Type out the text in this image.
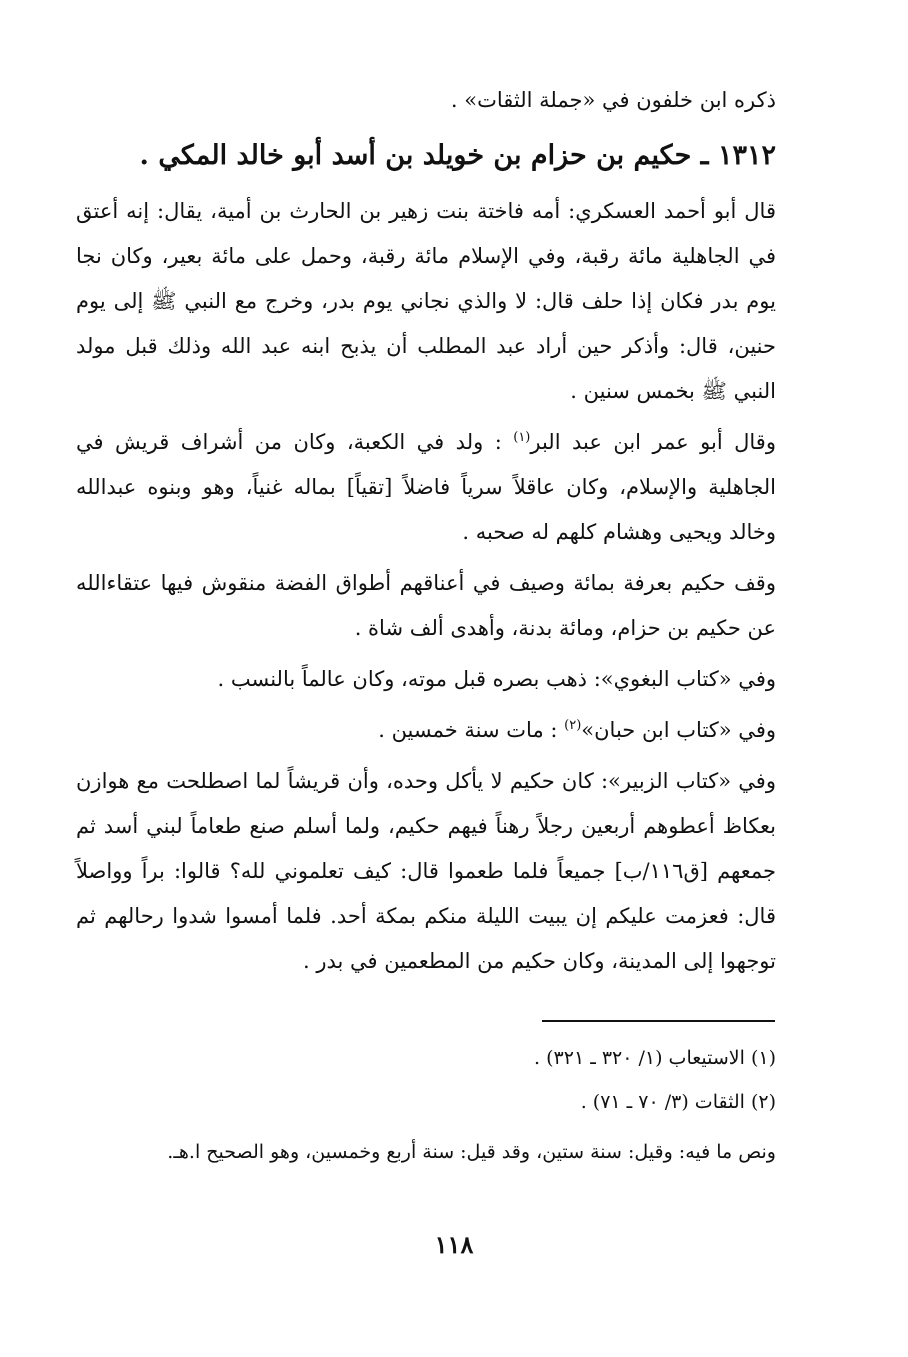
ذكره ابن خلفون في «جملة الثقات» .

١٣١٢ ـ حكيم بن حزام بن خويلد بن أسد أبو خالد المكي .

قال أبو أحمد العسكري: أمه فاختة بنت زهير بن الحارث بن أمية، يقال: إنه أعتق في الجاهلية مائة رقبة، وفي الإسلام مائة رقبة، وحمل على مائة بعير، وكان نجا يوم بدر فكان إذا حلف قال: لا والذي نجاني يوم بدر، وخرج مع النبي ﷺ إلى يوم حنين، قال: وأذكر حين أراد عبد المطلب أن يذبح ابنه عبد الله وذلك قبل مولد النبي ﷺ بخمس سنين .

وقال أبو عمر ابن عبد البر$^{(١)}$ : ولد في الكعبة، وكان من أشراف قريش في الجاهلية والإسلام، وكان عاقلاً سرياً فاضلاً [تقياً] بماله غنياً، وهو وبنوه عبدالله وخالد ويحيى وهشام كلهم له صحبه .

وقف حكيم بعرفة بمائة وصيف في أعناقهم أطواق الفضة منقوش فيها عتقاءالله عن حكيم بن حزام، ومائة بدنة، وأهدى ألف شاة .

وفي «كتاب البغوي»: ذهب بصره قبل موته، وكان عالماً بالنسب .

وفي «كتاب ابن حبان»$^{(٢)}$ : مات سنة خمسين .

وفي «كتاب الزبير»: كان حكيم لا يأكل وحده، وأن قريشاً لما اصطلحت مع هوازن بعكاظ أعطوهم أربعين رجلاً رهناً فيهم حكيم، ولما أسلم صنع طعاماً لبني أسد ثم جمعهم [ق١١٦/ب] جميعاً فلما طعموا قال: كيف تعلموني لله؟ قالوا: براً وواصلاً قال: فعزمت عليكم إن يبيت الليلة منكم بمكة أحد. فلما أمسوا شدوا رحالهم ثم توجهوا إلى المدينة، وكان حكيم من المطعمين في بدر .

(١) الاستيعاب (١/ ٣٢٠ ـ ٣٢١) .

(٢) الثقات (٣/ ٧٠ ـ ٧١) .

ونص ما فيه: وقيل: سنة ستين، وقد قيل: سنة أربع وخمسين، وهو الصحيح ا.هـ.

١١٨
